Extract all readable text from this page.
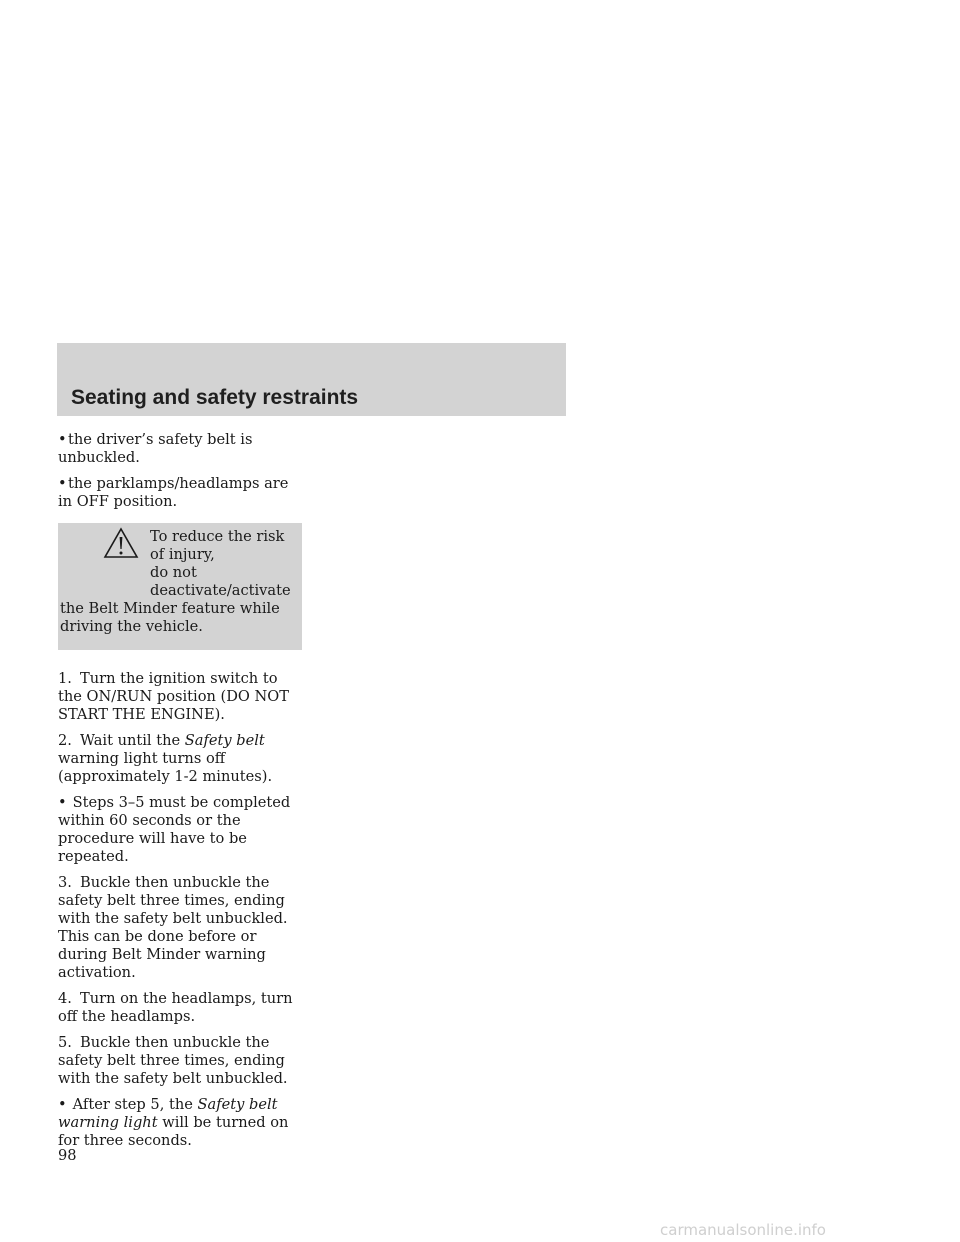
Seating and safety restraints

•the driver’s safety belt is unbuckled.

•the parklamps/headlamps are in OFF position.

To reduce the risk of injury,
do not deactivate/activate
the Belt Minder feature while driving the vehicle.

1. Turn the ignition switch to the ON/RUN position (DO NOT START THE ENGINE).

2. Wait until the Safety belt warning light turns off (approximately 1-2 minutes).

• Steps 3–5 must be completed within 60 seconds or the procedure will have to be repeated.

3. Buckle then unbuckle the safety belt three times, ending with the safety belt unbuckled. This can be done before or during Belt Minder warning activation.

4. Turn on the headlamps, turn off the headlamps.

5. Buckle then unbuckle the safety belt three times, ending with the safety belt unbuckled.

• After step 5, the Safety belt warning light will be turned on for three seconds.

98
carmanualsonline.info
